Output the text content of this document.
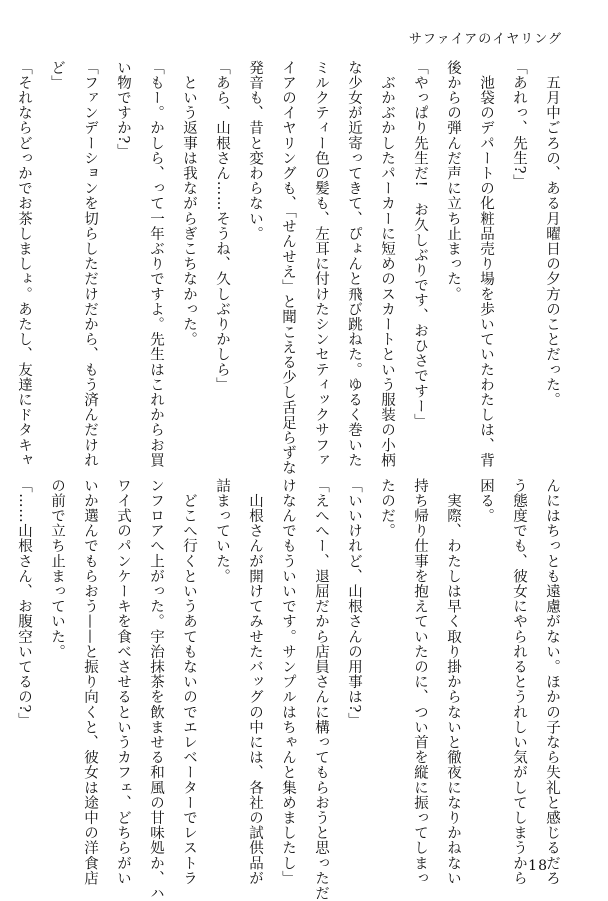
サファイアのイヤリング

　五月中ごろの、ある月曜日の夕方のことだった。

「あれっ、先生?」

　池袋のデパートの化粧品売り場を歩いていたわたしは、背

後からの弾んだ声に立ち止まった。

「やっぱり先生だ!　お久しぶりです、おひさですー」

　ぶかぶかしたパーカーに短めのスカートという服装の小柄

な少女が近寄ってきて、ぴょんと飛び跳ねた。ゆるく巻いた

ミルクティー色の髪も、左耳に付けたシンセティックサファ

イアのイヤリングも、「せんせえ」と聞こえる少し舌足らずな

発音も、昔と変わらない。

「あら、山根さん……そうね、久しぶりかしら」

　という返事は我ながらぎこちなかった。

「もー。かしら、って一年ぶりですよ。先生はこれからお買

い物ですか?」

「ファンデーションを切らしただけだから、もう済んだけれ

ど」

「それならどっかでお茶しましょ。あたし、友達にドタキャ

んにはちっとも遠慮がない。ほかの子なら失礼と感じるだろ

う態度でも、彼女にやられるとうれしい気がしてしまうから

困る。

　実際、わたしは早く取り掛からないと徹夜になりかねない

持ち帰り仕事を抱えていたのに、つい首を縦に振ってしまっ

たのだ。

「いいけれど、山根さんの用事は?」

「えへへー、退屈だから店員さんに構ってもらおうと思っただ

けなんでもういいです。サンプルはちゃんと集めましたし」

　山根さんが開けてみせたバッグの中には、各社の試供品が

詰まっていた。

　どこへ行くというあてもないのでエレベーターでレストラ

ンフロアへ上がった。宇治抹茶を飲ませる和風の甘味処か、ハ

ワイ式のパンケーキを食べさせるというカフェ、どちらがい

いか選んでもらおう——と振り向くと、彼女は途中の洋食店

の前で立ち止まっていた。

「……山根さん、お腹空いてるの?」

18
